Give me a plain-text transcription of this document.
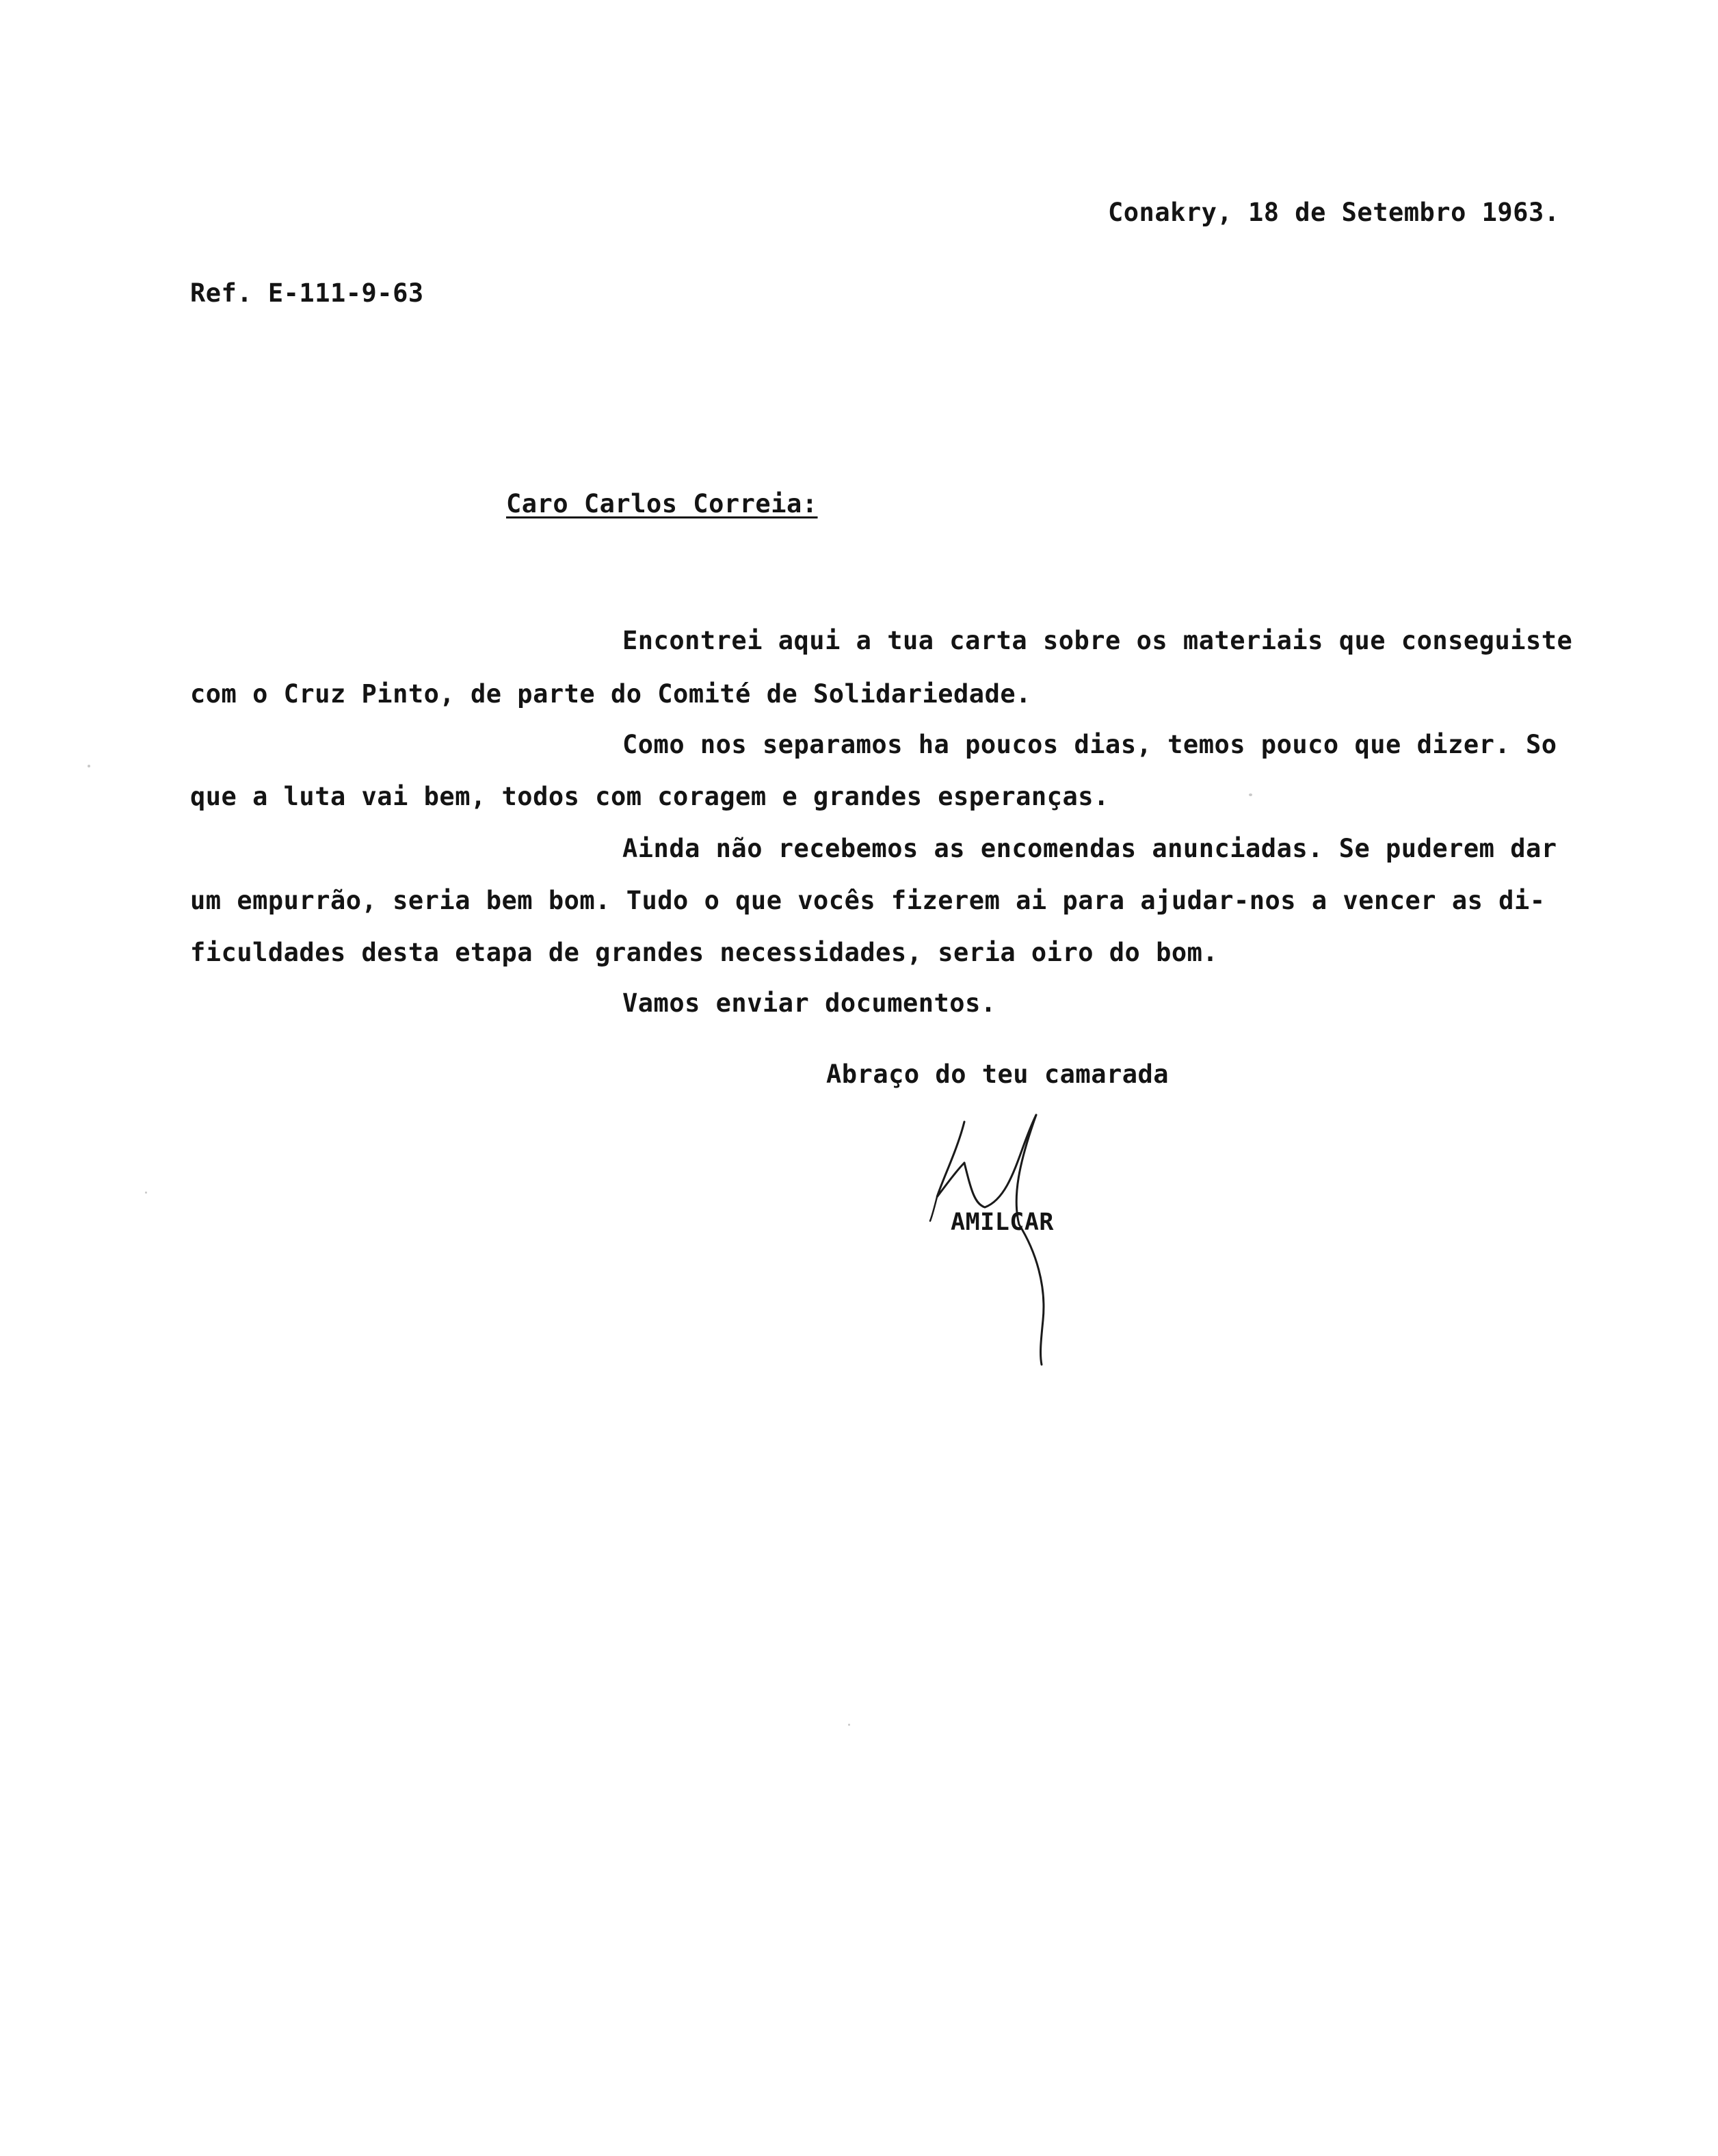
Conakry, 18 de Setembro 1963.
Ref. E-111-9-63
Caro Carlos Correia:
Encontrei aqui a tua carta sobre os materiais que conseguiste
com o Cruz Pinto, de parte do Comité de Solidariedade.
Como nos separamos ha poucos dias, temos pouco que dizer. So
que a luta vai bem, todos com coragem e grandes esperanças.
Ainda não recebemos as encomendas anunciadas. Se puderem dar
um empurrão, seria bem bom. Tudo o que vocês fizerem ai para ajudar-nos a vencer as di-
ficuldades desta etapa de grandes necessidades, seria oiro do bom.
Vamos enviar documentos.
Abraço do teu camarada
AMILCAR
